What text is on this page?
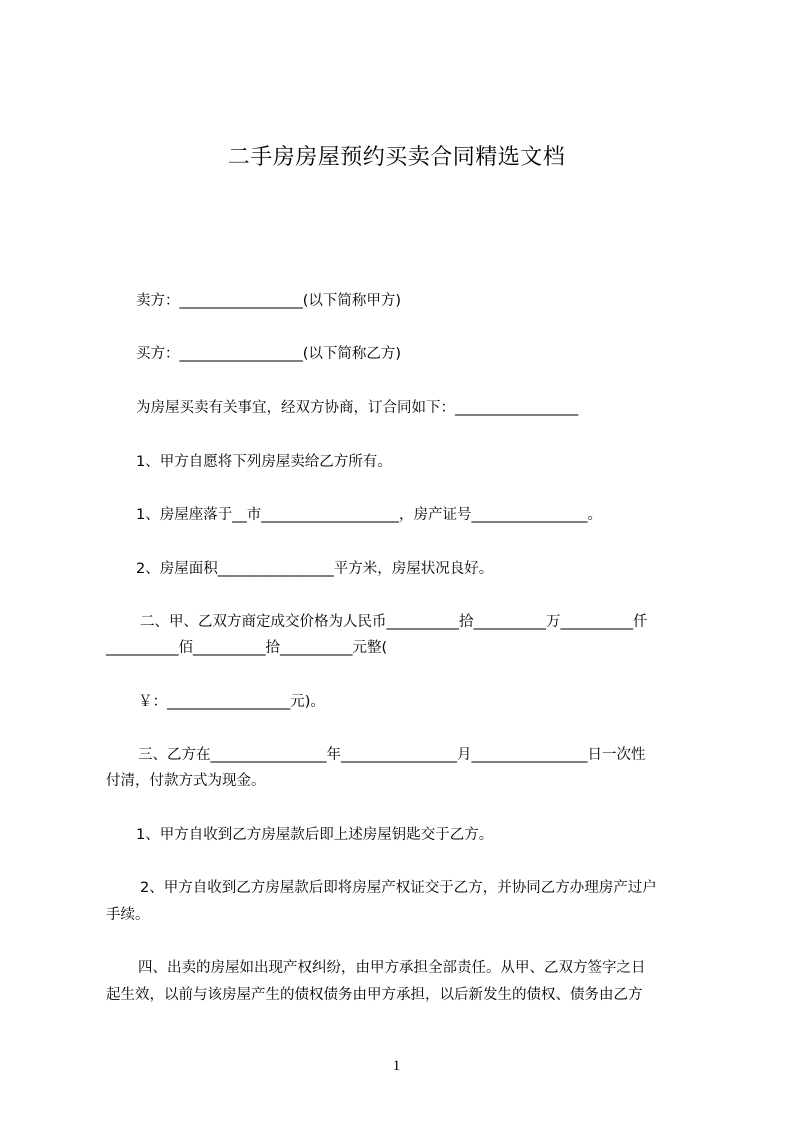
二手房房屋预约买卖合同精选文档
卖方：_________________(以下简称甲方)
买方：_________________(以下简称乙方)
为房屋买卖有关事宜，经双方协商，订合同如下：_________________
1、甲方自愿将下列房屋卖给乙方所有。
1、房屋座落于__市___________________，房产证号________________。
2、房屋面积________________平方米，房屋状况良好。
二、甲、乙双方商定成交价格为人民币__________拾__________万__________仟
__________佰__________拾__________元整(
￥：_________________元)。
三、乙方在________________年________________月________________日一次性
付清，付款方式为现金。
1、甲方自收到乙方房屋款后即上述房屋钥匙交于乙方。
2、甲方自收到乙方房屋款后即将房屋产权证交于乙方，并协同乙方办理房产过户
手续。
四、出卖的房屋如出现产权纠纷，由甲方承担全部责任。从甲、乙双方签字之日
起生效，以前与该房屋产生的债权债务由甲方承担，以后新发生的债权、债务由乙方
1
